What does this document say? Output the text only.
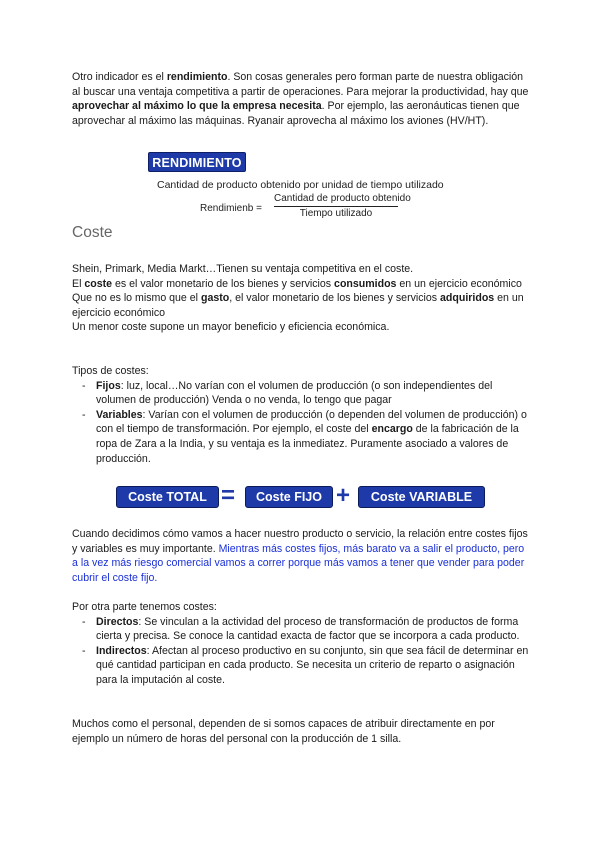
Otro indicador es el rendimiento. Son cosas generales pero forman parte de nuestra obligación al buscar una ventaja competitiva a partir de operaciones. Para mejorar la productividad, hay que aprovechar al máximo lo que la empresa necesita. Por ejemplo, las aeronáuticas tienen que aprovechar al máximo las máquinas. Ryanair aprovecha al máximo los aviones (HV/HT).

RENDIMIENTO
Cantidad de producto obtenido por unidad de tiempo utilizado
Rendimienb =
Cantidad de producto obtenido
Tiempo utilizado
Coste

Shein, Primark, Media Markt…Tienen su ventaja competitiva en el coste.

El coste es el valor monetario de los bienes y servicios consumidos en un ejercicio económico

Que no es lo mismo que el gasto, el valor monetario de los bienes y servicios adquiridos en un ejercicio económico

Un menor coste supone un mayor beneficio y eficiencia económica.

Tipos de costes:

- Fijos: luz, local…No varían con el volumen de producción (o son independientes del volumen de producción) Venda o no venda, lo tengo que pagar
- Variables: Varían con el volumen de producción (o dependen del volumen de producción) o con el tiempo de transformación. Por ejemplo, el coste del encargo de la fabricación de la ropa de Zara a la India, y su ventaja es la inmediatez. Puramente asociado a valores de producción.
Coste TOTAL =	Coste FIJO +	Coste VARIABLE

Cuando decidimos cómo vamos a hacer nuestro producto o servicio, la relación entre costes fijos y variables es muy importante. Mientras más costes fijos, más barato va a salir el producto, pero a la vez más riesgo comercial vamos a correr porque más vamos a tener que vender para poder cubrir el coste fijo.

Por otra parte tenemos costes:

- Directos: Se vinculan a la actividad del proceso de transformación de productos de forma cierta y precisa. Se conoce la cantidad exacta de factor que se incorpora a cada producto.
- Indirectos: Afectan al proceso productivo en su conjunto, sin que sea fácil de determinar en qué cantidad participan en cada producto. Se necesita un criterio de reparto o asignación para la imputación al coste.

Muchos como el personal, dependen de si somos capaces de atribuir directamente en por ejemplo un número de horas del personal con la producción de 1 silla.
